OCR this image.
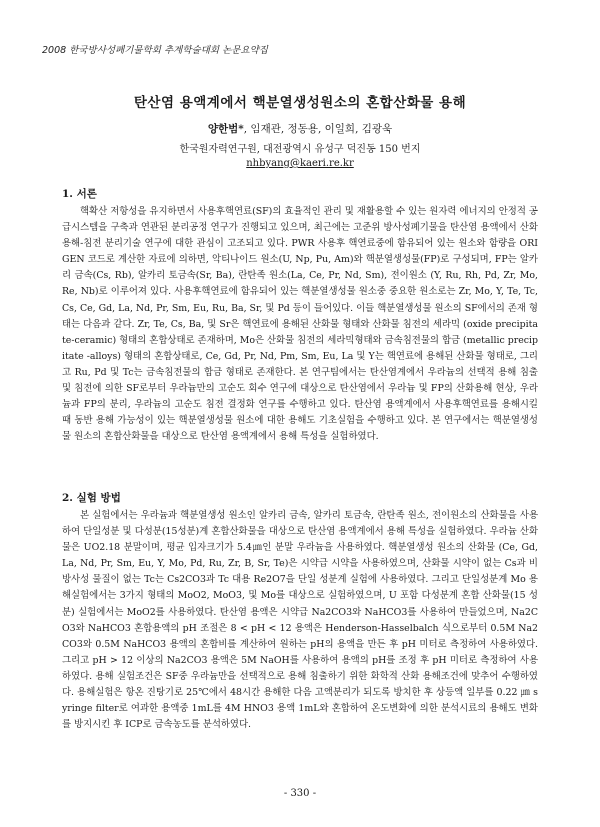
2008 한국방사성폐기물학회 추계학술대회 논문요약집
탄산염 용액계에서 핵분열생성원소의 혼합산화물 용해
양한범*, 임재관, 정동용, 이일희, 김광욱
한국원자력연구원, 대전광역시 유성구 덕진동 150 번지
nhbyang@kaeri.re.kr
1. 서론

핵확산 저항성을 유지하면서 사용후핵연료(SF)의 효율적인 관리 및 재활용할 수 있는 원자력 에너지의 안정적 공급시스템을 구축과 연관된 분리공정 연구가 진행되고 있으며, 최근에는 고준위 방사성폐기물을 탄산염 용액에서 산화용해-침전 분리기술 연구에 대한 관심이 고조되고 있다. PWR 사용후 핵연료중에 함유되어 있는 원소와 함량을 ORIGEN 코드로 계산한 자료에 의하면, 악티나이드 원소(U, Np, Pu, Am)와 핵분열생성물(FP)로 구성되며, FP는 알카리 금속(Cs, Rb), 알카리 토금속(Sr, Ba), 란탄족 원소(La, Ce, Pr, Nd, Sm), 전이원소 (Y, Ru, Rh, Pd, Zr, Mo, Re, Nb)로 이루어져 있다. 사용후핵연료에 함유되어 있는 핵분열생성물 원소중 중요한 원소로는 Zr, Mo, Y, Te, Tc, Cs, Ce, Gd, La, Nd, Pr, Sm, Eu, Ru, Ba, Sr, 및 Pd 등이 들어있다. 이들 핵분열생성물 원소의 SF에서의 존재 형태는 다음과 같다. Zr, Te, Cs, Ba, 및 Sr은 핵연료에 용해된 산화물 형태와 산화물 침전의 세라믹 (oxide precipitate-ceramic) 형태의 혼합상태로 존재하며, Mo은 산화물 침전의 세라믹형태와 금속침전물의 합금 (metallic precipitate -alloys) 형태의 혼합상태로, Ce, Gd, Pr, Nd, Pm, Sm, Eu, La 및 Y는 핵연료에 용해된 산화물 형태로, 그리고 Ru, Pd 및 Tc는 금속침전물의 합금 형태로 존재한다. 본 연구팀에서는 탄산염계에서 우라늄의 선택적 용해 침출 및 침전에 의한 SF로부터 우라늄만의 고순도 회수 연구에 대상으로 탄산염에서 우라늄 및 FP의 산화용해 현상, 우라늄과 FP의 분리, 우라늄의 고순도 침전 결정화 연구를 수행하고 있다. 탄산염 용액계에서 사용후핵연료를 용해시킬 때 동반 용해 가능성이 있는 핵분열생성물 원소에 대한 용해도 기초실험을 수행하고 있다. 본 연구에서는 핵분열생성물 원소의 혼합산화물을 대상으로 탄산염 용액계에서 용해 특성을 실험하였다.

2. 실험 방법

본 실험에서는 우라늄과 핵분열생성 원소인 알카리 금속, 알카리 토금속, 란탄족 원소, 전이원소의 산화물을 사용하여 단일성분 및 다성분(15성분)계 혼합산화물을 대상으로 탄산염 용액계에서 용해 특성을 실험하였다. 우라늄 산화물은 UO2.18 분말이며, 평균 입자크기가 5.4㎛인 분말 우라늄을 사용하였다. 핵분열생성 원소의 산화물 (Ce, Gd, La, Nd, Pr, Sm, Eu, Y, Mo, Pd, Ru, Zr, B, Sr, Te)은 시약급 시약을 사용하였으며, 산화물 시약이 없는 Cs과 비방사성 물질이 없는 Tc는 Cs2CO3과 Tc 대용 Re2O7을 단일 성분계 실험에 사용하였다. 그리고 단일성분계 Mo 용해실험에서는 3가지 형태의 MoO2, MoO3, 및 Mo를 대상으로 실험하였으며, U 포함 다성분계 혼합 산화물(15 성분) 실험에서는 MoO2를 사용하였다. 탄산염 용액은 시약급 Na2CO3와 NaHCO3를 사용하여 만들었으며, Na2CO3와 NaHCO3 혼합용액의 pH 조절은 8 < pH < 12 용액은 Henderson-Hasselbalch 식으로부터 0.5M Na2CO3와 0.5M NaHCO3 용액의 혼합비를 계산하여 원하는 pH의 용액을 만든 후 pH 미터로 측정하여 사용하였다. 그리고 pH > 12 이상의 Na2CO3 용액은 5M NaOH를 사용하여 용액의 pH를 조정 후 pH 미터로 측정하여 사용하였다. 용해 실험조건은 SF중 우라늄만을 선택적으로 용해 침출하기 위한 화학적 산화 용해조건에 맞추어 수행하였다. 용해실험은 항온 진탕기로 25℃에서 48시간 용해한 다음 고액분리가 되도록 방치한 후 상등액 일부를 0.22 ㎛ syringe filter로 여과한 용액중 1mL를 4M HNO3 용액 1mL와 혼합하여 온도변화에 의한 분석시료의 용해도 변화를 방지시킨 후 ICP로 금속농도를 분석하였다.

- 330 -
